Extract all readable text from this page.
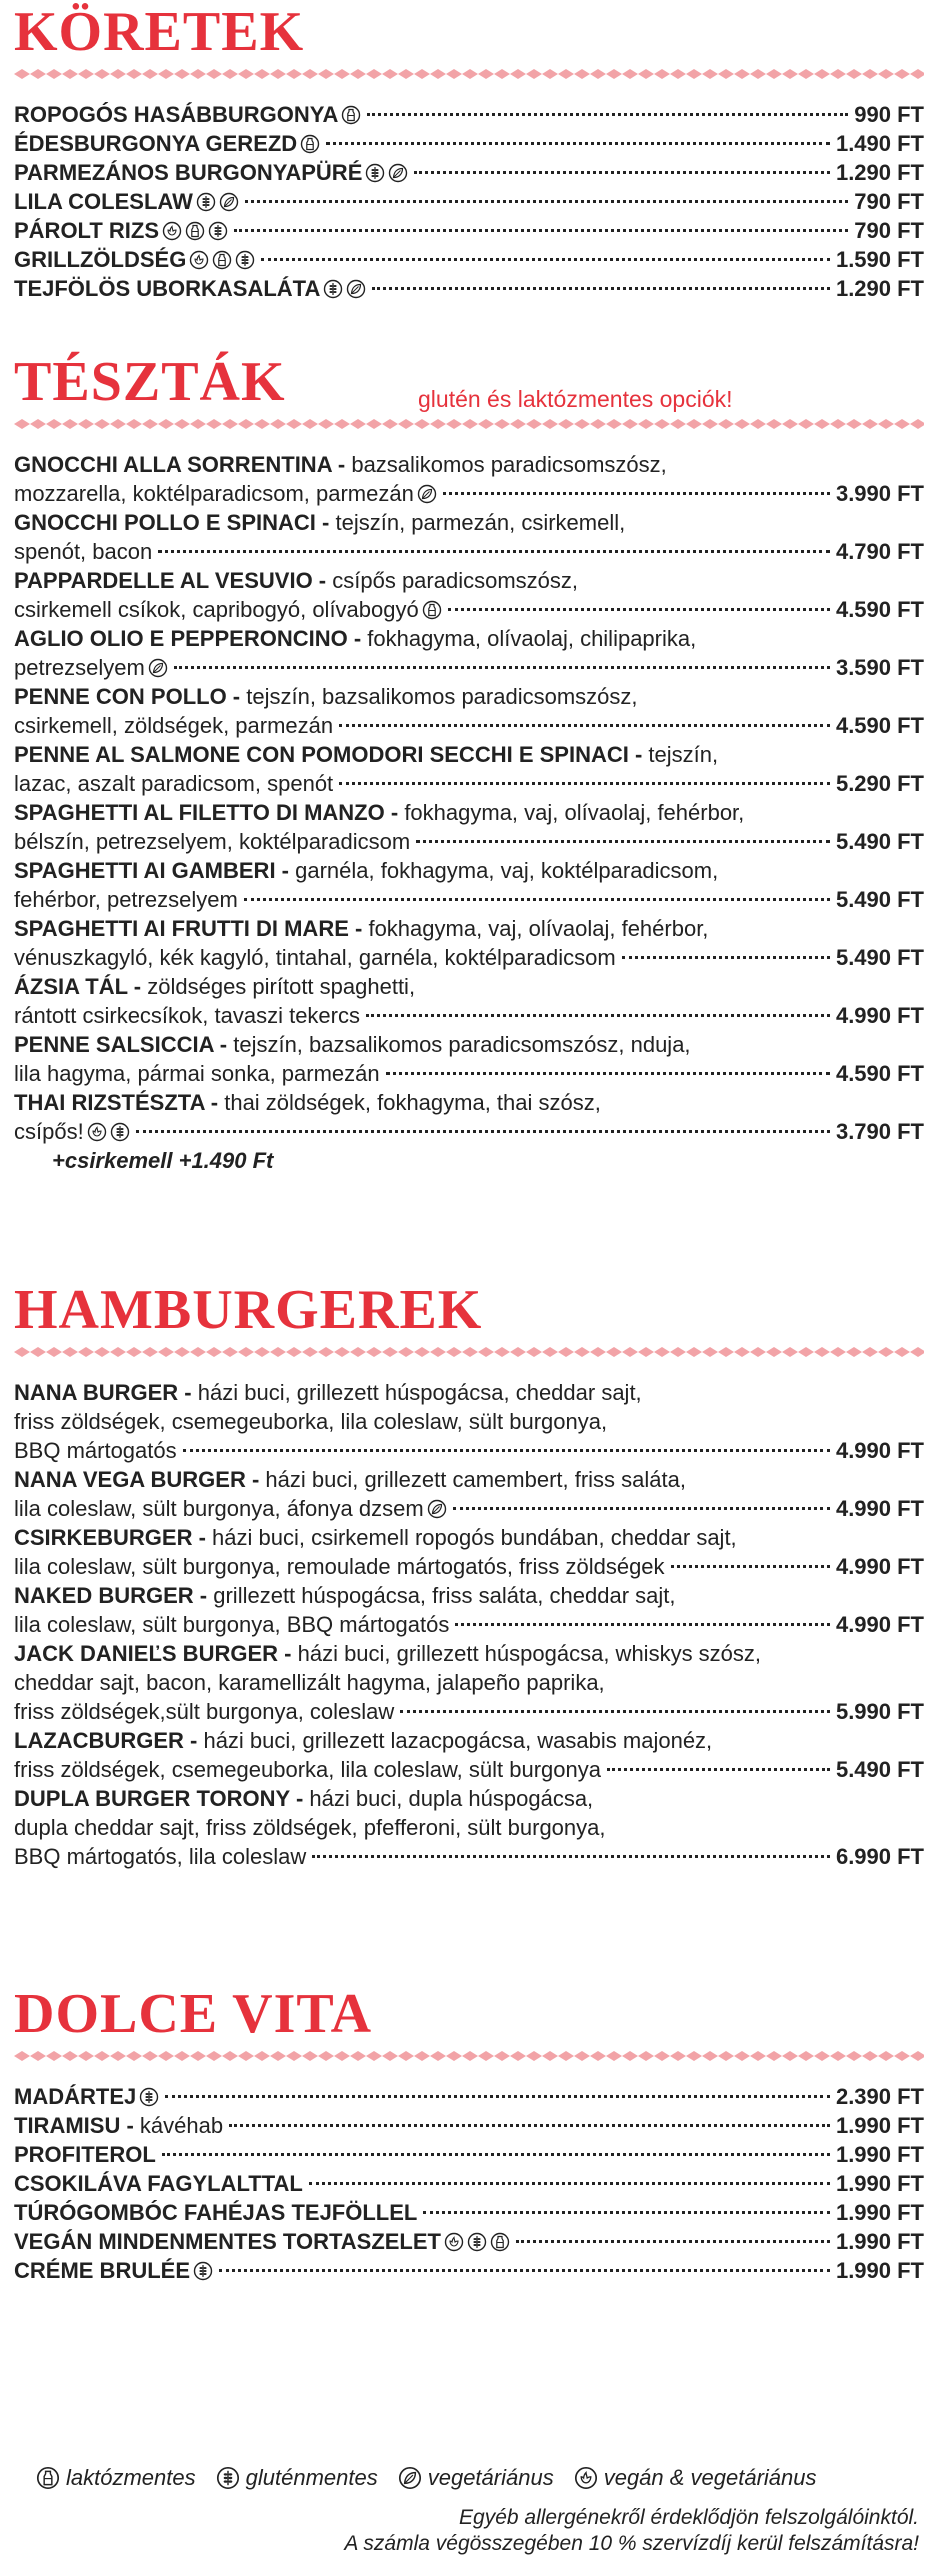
KÖRETEK
ROPOGÓS HASÁBBURGONYA	990 FT
ÉDESBURGONYA GEREZD	1.490 FT
PARMEZÁNOS BURGONYAPÜRÉ	1.290 FT
LILA COLESLAW	790 FT
PÁROLT RIZS	790 FT
GRILLZÖLDSÉG	1.590 FT
TEJFÖLÖS UBORKASALÁTA	1.290 FT
TÉSZTÁK	glutén és laktózmentes opciók!
GNOCCHI ALLA SORRENTINA - bazsalikomos paradicsomszósz,
mozzarella, koktélparadicsom, parmezán	3.990 FT
GNOCCHI POLLO E SPINACI - tejszín, parmezán, csirkemell,
spenót, bacon	4.790 FT
PAPPARDELLE AL VESUVIO - csípős paradicsomszósz,
csirkemell csíkok, capribogyó, olívabogyó	4.590 FT
AGLIO OLIO E PEPPERONCINO - fokhagyma, olívaolaj, chilipaprika,
petrezselyem	3.590 FT
PENNE CON POLLO - tejszín, bazsalikomos paradicsomszósz,
csirkemell, zöldségek, parmezán	4.590 FT
PENNE AL SALMONE CON POMODORI SECCHI E SPINACI - tejszín,
lazac, aszalt paradicsom, spenót	5.290 FT
SPAGHETTI AL FILETTO DI MANZO - fokhagyma, vaj, olívaolaj, fehérbor,
bélszín, petrezselyem, koktélparadicsom	5.490 FT
SPAGHETTI AI GAMBERI - garnéla, fokhagyma, vaj, koktélparadicsom,
fehérbor, petrezselyem	5.490 FT
SPAGHETTI AI FRUTTI DI MARE - fokhagyma, vaj, olívaolaj, fehérbor,
vénuszkagyló, kék kagyló, tintahal, garnéla, koktélparadicsom	5.490 FT
ÁZSIA TÁL - zöldséges pirított spaghetti,
rántott csirkecsíkok, tavaszi tekercs	4.990 FT
PENNE SALSICCIA - tejszín, bazsalikomos paradicsomszósz, nduja,
lila hagyma, pármai sonka, parmezán	4.590 FT
THAI RIZSTÉSZTA - thai zöldségek, fokhagyma, thai szósz,
csípős!	3.790 FT
+csirkemell +1.490 Ft
HAMBURGEREK
NANA BURGER - házi buci, grillezett húspogácsa, cheddar sajt,
friss zöldségek, csemegeuborka, lila coleslaw, sült burgonya,
BBQ mártogatós	4.990 FT
NANA VEGA BURGER - házi buci, grillezett camembert, friss saláta,
lila coleslaw, sült burgonya, áfonya dzsem	4.990 FT
CSIRKEBURGER - házi buci, csirkemell ropogós bundában, cheddar sajt,
lila coleslaw, sült burgonya, remoulade mártogatós, friss zöldségek	4.990 FT
NAKED BURGER - grillezett húspogácsa, friss saláta, cheddar sajt,
lila coleslaw, sült burgonya, BBQ mártogatós	4.990 FT
JACK DANIEĽS BURGER - házi buci, grillezett húspogácsa, whiskys szósz,
cheddar sajt, bacon, karamellizált hagyma, jalapeño paprika,
friss zöldségek,sült burgonya, coleslaw	5.990 FT
LAZACBURGER - házi buci, grillezett lazacpogácsa, wasabis majonéz,
friss zöldségek, csemegeuborka, lila coleslaw, sült burgonya	5.490 FT
DUPLA BURGER TORONY - házi buci, dupla húspogácsa,
dupla cheddar sajt, friss zöldségek, pfefferoni, sült burgonya,
BBQ mártogatós, lila coleslaw	6.990 FT
DOLCE VITA
MADÁRTEJ	2.390 FT
TIRAMISU - kávéhab	1.990 FT
PROFITEROL	1.990 FT
CSOKILÁVA FAGYLALTTAL	1.990 FT
TÚRÓGOMBÓC FAHÉJAS TEJFÖLLEL	1.990 FT
VEGÁN MINDENMENTES TORTASZELET	1.990 FT
CRÉME BRULÉE	1.990 FT
laktózmentes gluténmentes vegetáriánus vegán & vegetáriánus
Egyéb allergénekről érdeklődjön felszolgálóinktól.
A számla végösszegében 10 % szervízdíj kerül felszámításra!
